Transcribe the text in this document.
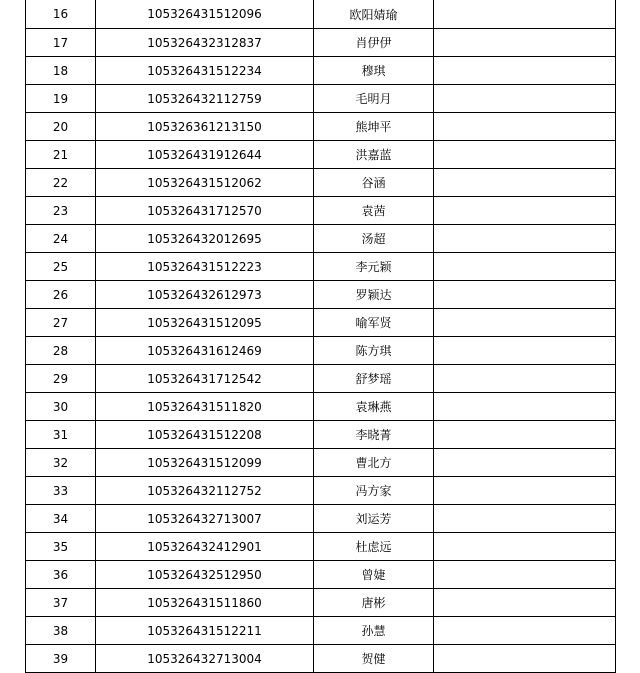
16	105326431512096	欧阳婧瑜	
17	105326432312837	肖伊伊	
18	105326431512234	穆琪	
19	105326432112759	毛明月	
20	105326361213150	熊坤平	
21	105326431912644	洪嘉蓝	
22	105326431512062	谷涵	
23	105326431712570	袁茜	
24	105326432012695	汤超	
25	105326431512223	李元颖	
26	105326432612973	罗颖达	
27	105326431512095	喻军贤	
28	105326431612469	陈方琪	
29	105326431712542	舒梦瑶	
30	105326431511820	袁琳燕	
31	105326431512208	李晓菁	
32	105326431512099	曹北方	
33	105326432112752	冯方家	
34	105326432713007	刘运芳	
35	105326432412901	杜虑远	
36	105326432512950	曾婕	
37	105326431511860	唐彬	
38	105326431512211	孙慧	
39	105326432713004	贺健	
